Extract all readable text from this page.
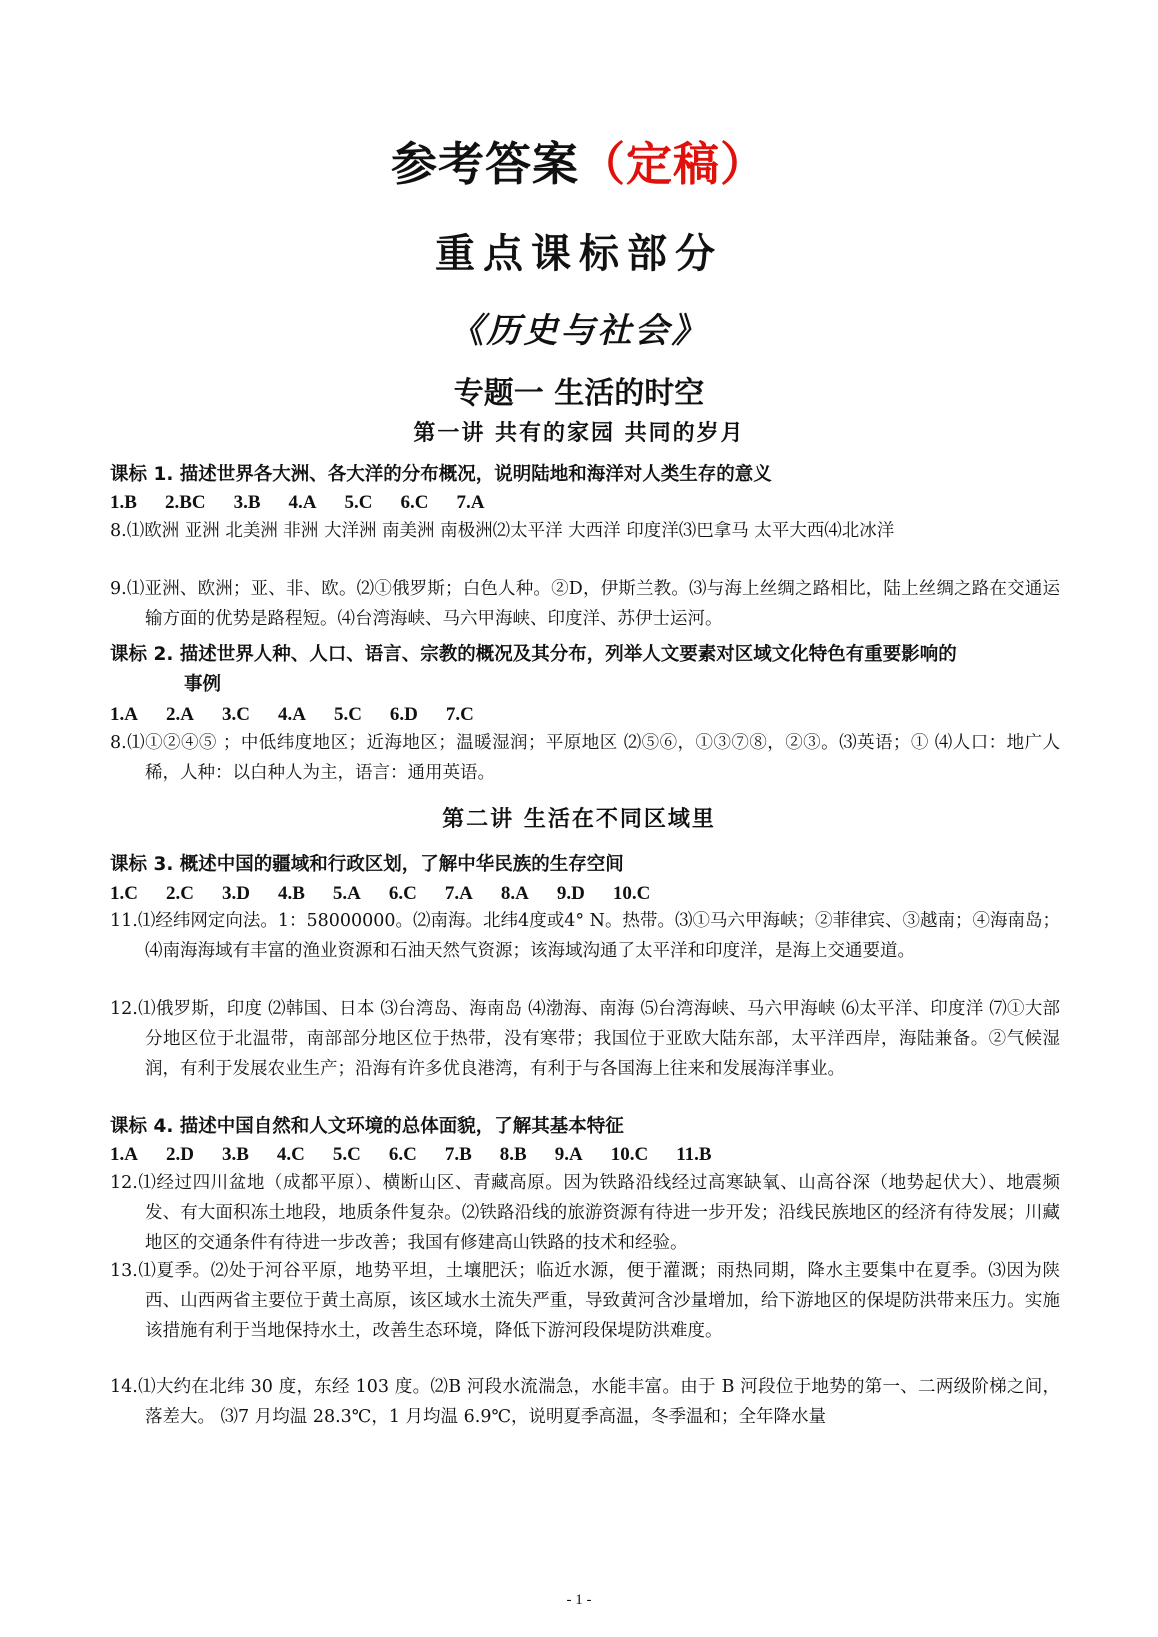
参考答案（定稿）
重点课标部分
《历史与社会》
专题一 生活的时空
第一讲 共有的家园 共同的岁月
课标 1. 描述世界各大洲、各大洋的分布概况，说明陆地和海洋对人类生存的意义
1.B 2.BC 3.B 4.A 5.C 6.C 7.A
8.⑴欧洲 亚洲 北美洲 非洲 大洋洲 南美洲 南极洲⑵太平洋 大西洋 印度洋⑶巴拿马 太平大西⑷北冰洋
9.⑴亚洲、欧洲；亚、非、欧。⑵①俄罗斯；白色人种。②D，伊斯兰教。⑶与海上丝绸之路相比，陆上丝绸之路在交通运输方面的优势是路程短。⑷台湾海峡、马六甲海峡、印度洋、苏伊士运河。
课标 2. 描述世界人种、人口、语言、宗教的概况及其分布，列举人文要素对区域文化特色有重要影响的
事例
1.A 2.A 3.C 4.A 5.C 6.D 7.C
8.⑴①②④⑤ ；中低纬度地区；近海地区；温暖湿润；平原地区 ⑵⑤⑥，①③⑦⑧，②③。⑶英语；① ⑷人口：地广人稀，人种：以白种人为主，语言：通用英语。
第二讲 生活在不同区域里
课标 3. 概述中国的疆域和行政区划，了解中华民族的生存空间
1.C 2.C 3.D 4.B 5.A 6.C 7.A 8.A 9.D 10.C
11.⑴经纬网定向法。1：58000000。⑵南海。北纬4度或4° N。热带。⑶①马六甲海峡；②菲律宾、③越南；④海南岛；⑷南海海域有丰富的渔业资源和石油天然气资源；该海域沟通了太平洋和印度洋，是海上交通要道。
12.⑴俄罗斯，印度 ⑵韩国、日本 ⑶台湾岛、海南岛 ⑷渤海、南海 ⑸台湾海峡、马六甲海峡 ⑹太平洋、印度洋 ⑺①大部分地区位于北温带，南部部分地区位于热带，没有寒带；我国位于亚欧大陆东部，太平洋西岸，海陆兼备。②气候湿润，有利于发展农业生产；沿海有许多优良港湾，有利于与各国海上往来和发展海洋事业。
课标 4. 描述中国自然和人文环境的总体面貌，了解其基本特征
1.A 2.D 3.B 4.C 5.C 6.C 7.B 8.B 9.A 10.C 11.B
12.⑴经过四川盆地（成都平原）、横断山区、青藏高原。因为铁路沿线经过高寒缺氧、山高谷深（地势起伏大）、地震频发、有大面积冻土地段，地质条件复杂。⑵铁路沿线的旅游资源有待进一步开发；沿线民族地区的经济有待发展；川藏地区的交通条件有待进一步改善；我国有修建高山铁路的技术和经验。
13.⑴夏季。⑵处于河谷平原，地势平坦，土壤肥沃；临近水源，便于灌溉；雨热同期，降水主要集中在夏季。⑶因为陕西、山西两省主要位于黄土高原，该区域水土流失严重，导致黄河含沙量增加，给下游地区的保堤防洪带来压力。实施该措施有利于当地保持水土，改善生态环境，降低下游河段保堤防洪难度。
14.⑴大约在北纬 30 度，东经 103 度。⑵B 河段水流湍急，水能丰富。由于 B 河段位于地势的第一、二两级阶梯之间，落差大。 ⑶7 月均温 28.3℃，1 月均温 6.9℃，说明夏季高温，冬季温和；全年降水量
- 1 -
